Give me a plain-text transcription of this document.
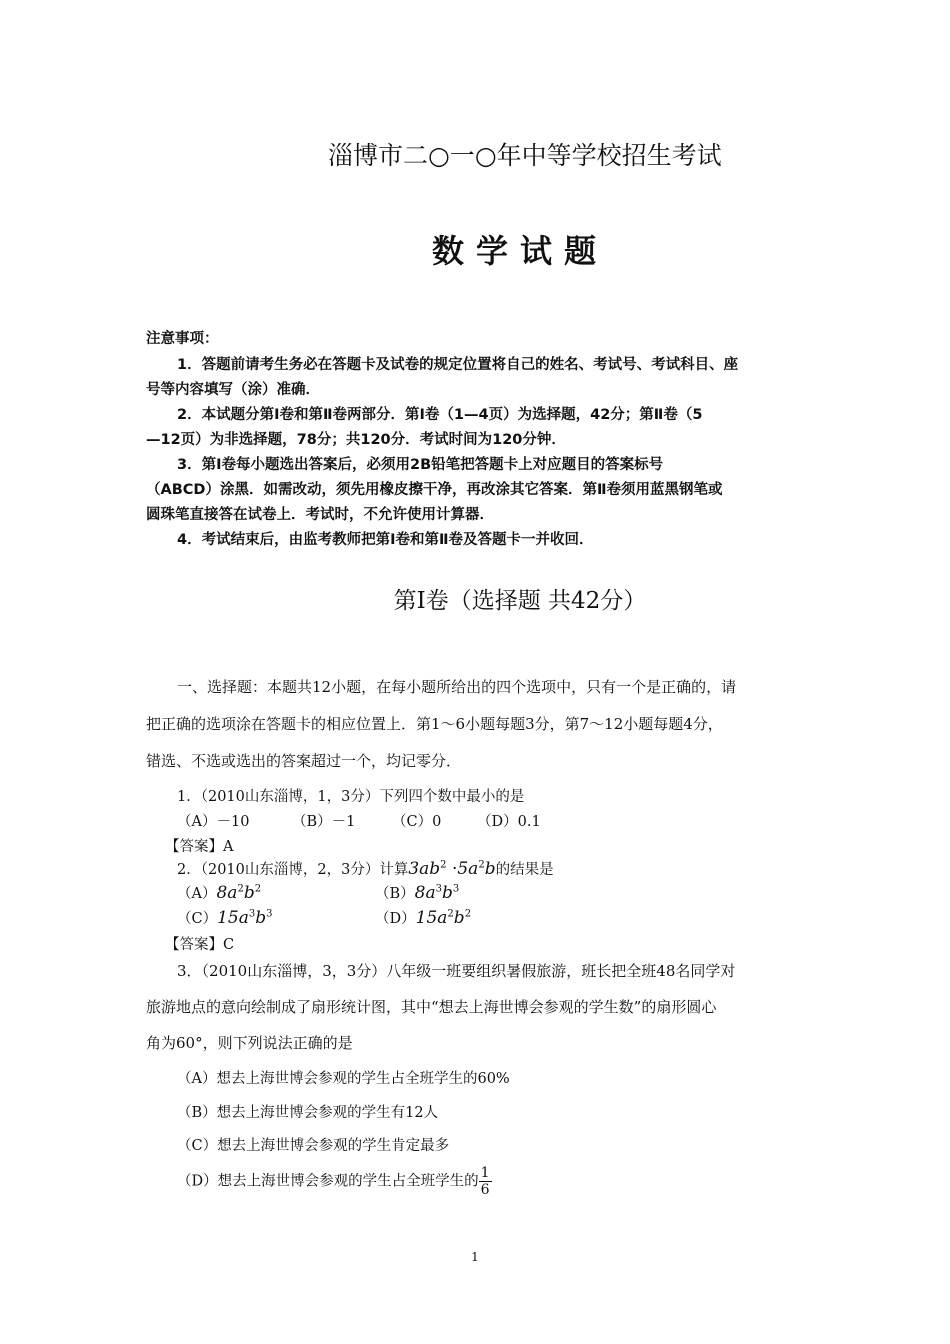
淄博市二○一○年中等学校招生考试
数学试题
注意事项：
1．答题前请考生务必在答题卡及试卷的规定位置将自己的姓名、考试号、考试科目、座
号等内容填写（涂）准确．
2．本试题分第Ⅰ卷和第Ⅱ卷两部分．第Ⅰ卷（1—4页）为选择题，42分；第Ⅱ卷（5
—12页）为非选择题，78分；共120分．考试时间为120分钟．
3．第Ⅰ卷每小题选出答案后，必须用2B铅笔把答题卡上对应题目的答案标号
（ABCD）涂黑．如需改动，须先用橡皮擦干净，再改涂其它答案．第Ⅱ卷须用蓝黑钢笔或
圆珠笔直接答在试卷上．考试时，不允许使用计算器．
4．考试结束后，由监考教师把第Ⅰ卷和第Ⅱ卷及答题卡一并收回．
第Ⅰ卷（选择题 共42分）
一、选择题：本题共12小题，在每小题所给出的四个选项中，只有一个是正确的，请
把正确的选项涂在答题卡的相应位置上．第1～6小题每题3分，第7～12小题每题4分，
错选、不选或选出的答案超过一个，均记零分．
1．（2010山东淄博，1，3分）下列四个数中最小的是
（A）－10	（B）－1	（C）0 （D）0.1
【答案】A
2．（2010山东淄博，2，3分）计算$3ab^2 \cdot 5a^2b$的结果是
$(A)8a^2b^2$	$(B)8a^3b^3$
$(C)15a^3b^3$	$(D)15a^2b^2$
【答案】C
3．（2010山东淄博，3，3分）八年级一班要组织暑假旅游，班长把全班48名同学对
旅游地点的意向绘制成了扇形统计图，其中“想去上海世博会参观的学生数”的扇形圆心
角为60°，则下列说法正确的是
（A）想去上海世博会参观的学生占全班学生的60%
（B）想去上海世博会参观的学生有12人
（C）想去上海世博会参观的学生肯定最多
（D）想去上海世博会参观的学生占全班学生的 $\frac{1}{6}$
1
